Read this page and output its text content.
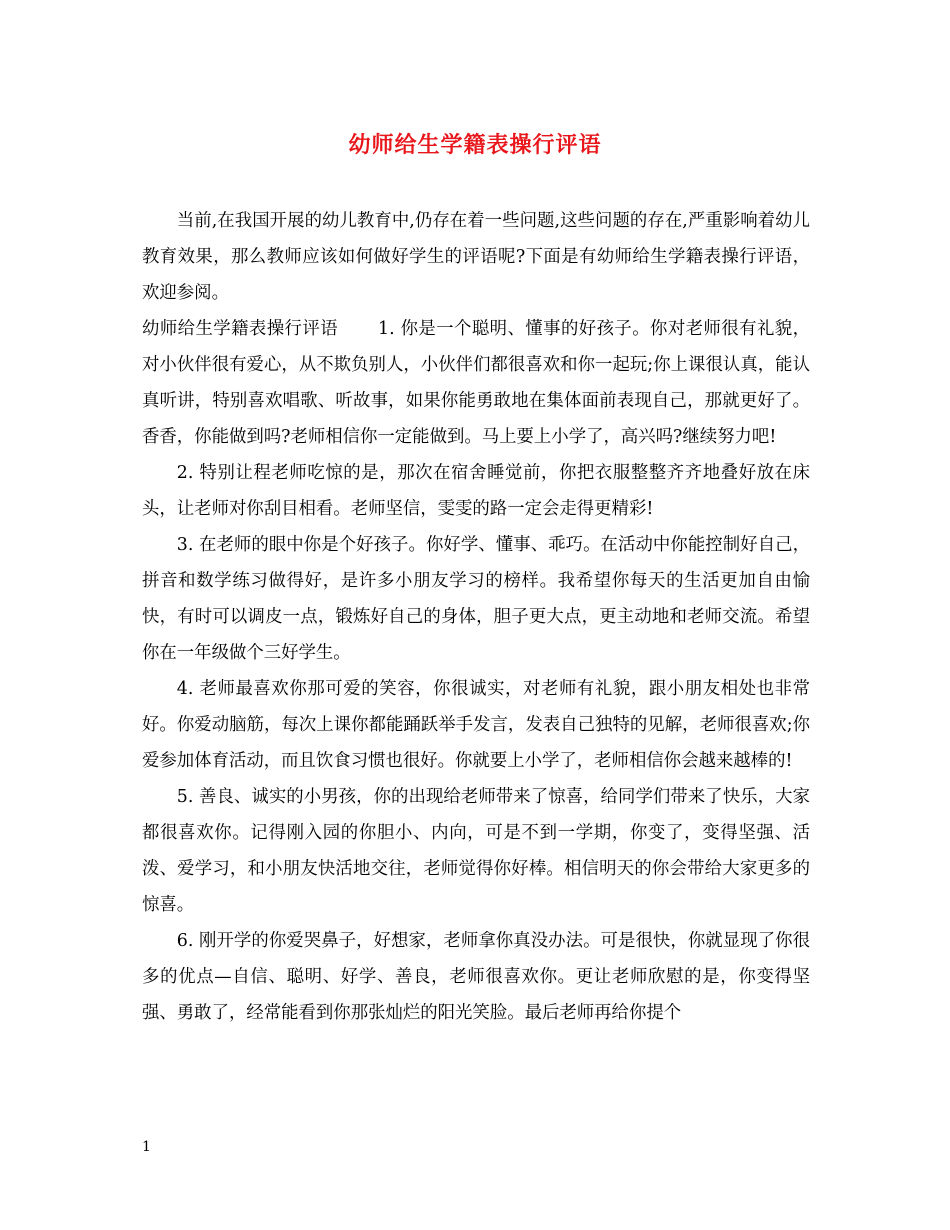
幼师给生学籍表操行评语

当前,在我国开展的幼儿教育中,仍存在着一些问题,这些问题的存在,严重影响着幼儿教育效果，那么教师应该如何做好学生的评语呢?下面是有幼师给生学籍表操行评语，欢迎参阅。

幼师给生学籍表操行评语 1. 你是一个聪明、懂事的好孩子。你对老师很有礼貌，对小伙伴很有爱心，从不欺负别人，小伙伴们都很喜欢和你一起玩;你上课很认真，能认真听讲，特别喜欢唱歌、听故事，如果你能勇敢地在集体面前表现自己，那就更好了。香香，你能做到吗?老师相信你一定能做到。马上要上小学了，高兴吗?继续努力吧!

2. 特别让程老师吃惊的是，那次在宿舍睡觉前，你把衣服整整齐齐地叠好放在床头，让老师对你刮目相看。老师坚信，雯雯的路一定会走得更精彩!

3. 在老师的眼中你是个好孩子。你好学、懂事、乖巧。在活动中你能控制好自己，拼音和数学练习做得好，是许多小朋友学习的榜样。我希望你每天的生活更加自由愉快，有时可以调皮一点，锻炼好自己的身体，胆子更大点，更主动地和老师交流。希望你在一年级做个三好学生。

4. 老师最喜欢你那可爱的笑容，你很诚实，对老师有礼貌，跟小朋友相处也非常好。你爱动脑筋，每次上课你都能踊跃举手发言，发表自己独特的见解，老师很喜欢;你爱参加体育活动，而且饮食习惯也很好。你就要上小学了，老师相信你会越来越棒的!

5. 善良、诚实的小男孩，你的出现给老师带来了惊喜，给同学们带来了快乐，大家都很喜欢你。记得刚入园的你胆小、内向，可是不到一学期，你变了，变得坚强、活泼、爱学习，和小朋友快活地交往，老师觉得你好棒。相信明天的你会带给大家更多的惊喜。

6. 刚开学的你爱哭鼻子，好想家，老师拿你真没办法。可是很快，你就显现了你很多的优点—自信、聪明、好学、善良，老师很喜欢你。更让老师欣慰的是，你变得坚强、勇敢了，经常能看到你那张灿烂的阳光笑脸。最后老师再给你提个

1
